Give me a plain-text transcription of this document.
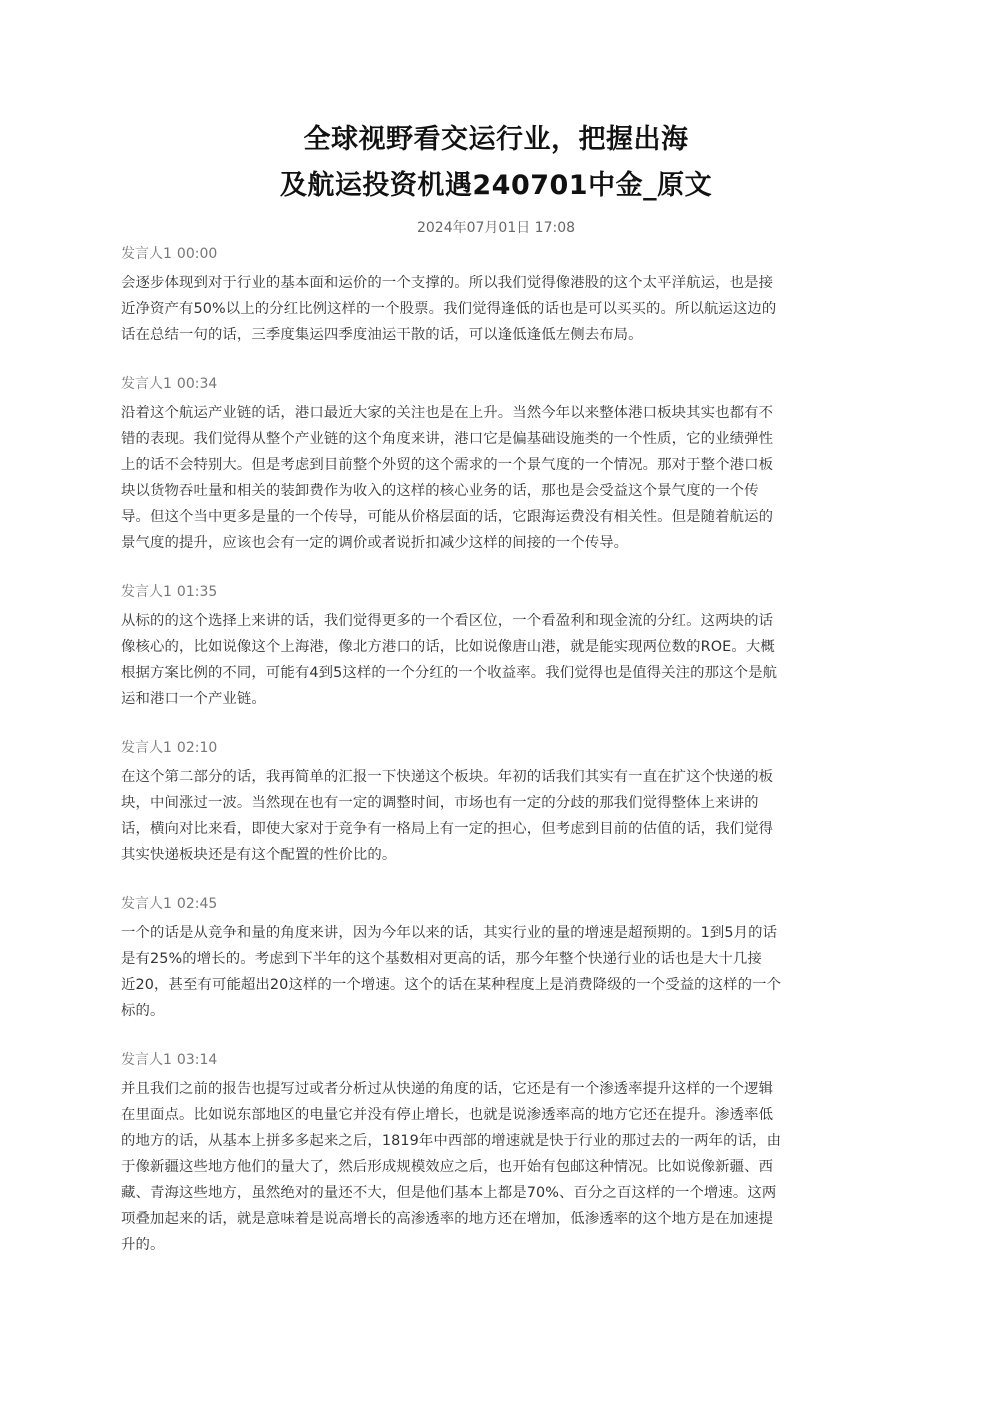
全球视野看交运行业，把握出海
及航运投资机遇240701中金_原文
2024年07月01日 17:08
发言人1 00:00
会逐步体现到对于行业的基本面和运价的一个支撑的。所以我们觉得像港股的这个太平洋航运，也是接
近净资产有50%以上的分红比例这样的一个股票。我们觉得逢低的话也是可以买买的。所以航运这边的
话在总结一句的话，三季度集运四季度油运干散的话，可以逢低逢低左侧去布局。
发言人1 00:34
沿着这个航运产业链的话，港口最近大家的关注也是在上升。当然今年以来整体港口板块其实也都有不
错的表现。我们觉得从整个产业链的这个角度来讲，港口它是偏基础设施类的一个性质，它的业绩弹性
上的话不会特别大。但是考虑到目前整个外贸的这个需求的一个景气度的一个情况。那对于整个港口板
块以货物吞吐量和相关的装卸费作为收入的这样的核心业务的话，那也是会受益这个景气度的一个传
导。但这个当中更多是量的一个传导，可能从价格层面的话，它跟海运费没有相关性。但是随着航运的
景气度的提升，应该也会有一定的调价或者说折扣减少这样的间接的一个传导。
发言人1 01:35
从标的的这个选择上来讲的话，我们觉得更多的一个看区位，一个看盈利和现金流的分红。这两块的话
像核心的，比如说像这个上海港，像北方港口的话，比如说像唐山港，就是能实现两位数的ROE。大概
根据方案比例的不同，可能有4到5这样的一个分红的一个收益率。我们觉得也是值得关注的那这个是航
运和港口一个产业链。
发言人1 02:10
在这个第二部分的话，我再简单的汇报一下快递这个板块。年初的话我们其实有一直在扩这个快递的板
块，中间涨过一波。当然现在也有一定的调整时间，市场也有一定的分歧的那我们觉得整体上来讲的
话，横向对比来看，即使大家对于竞争有一格局上有一定的担心，但考虑到目前的估值的话，我们觉得
其实快递板块还是有这个配置的性价比的。
发言人1 02:45
一个的话是从竞争和量的角度来讲，因为今年以来的话，其实行业的量的增速是超预期的。1到5月的话
是有25%的增长的。考虑到下半年的这个基数相对更高的话，那今年整个快递行业的话也是大十几接
近20，甚至有可能超出20这样的一个增速。这个的话在某种程度上是消费降级的一个受益的这样的一个
标的。
发言人1 03:14
并且我们之前的报告也提写过或者分析过从快递的角度的话，它还是有一个渗透率提升这样的一个逻辑
在里面点。比如说东部地区的电量它并没有停止增长，也就是说渗透率高的地方它还在提升。渗透率低
的地方的话，从基本上拼多多起来之后，1819年中西部的增速就是快于行业的那过去的一两年的话，由
于像新疆这些地方他们的量大了，然后形成规模效应之后，也开始有包邮这种情况。比如说像新疆、西
藏、青海这些地方，虽然绝对的量还不大，但是他们基本上都是70%、百分之百这样的一个增速。这两
项叠加起来的话，就是意味着是说高增长的高渗透率的地方还在增加，低渗透率的这个地方是在加速提
升的。
